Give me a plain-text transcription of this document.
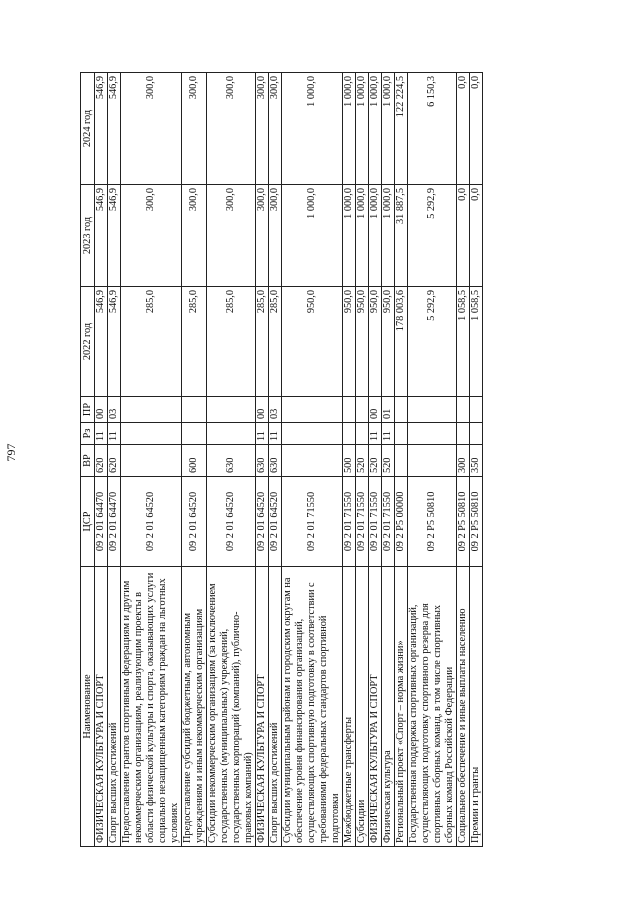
797
Наименование	ЦСР	ВР	Рз	ПР	2022 год	2023 год	2024 год
ФИЗИЧЕСКАЯ КУЛЬТУРА И СПОРТ	09 2 01 64470	620	11	00	546,9	546,9	546,9
Спорт высших достижений	09 2 01 64470	620	11	03	546,9	546,9	546,9
Предоставление грантов спортивным федерациям и другим некоммерческим организациям, реализующим проекты в области физической культуры и спорта, оказывающих услуги социально незащищенным категориям граждан на льготных условиях	09 2 01 64520				285,0	300,0	300,0
Предоставление субсидий бюджетным, автономным учреждениям и иным некоммерческим организациям	09 2 01 64520	600			285,0	300,0	300,0
Субсидии некоммерческим организациям (за исключением государственных (муниципальных) учреждений, государственных корпораций (компаний), публично-правовых компаний)	09 2 01 64520	630			285,0	300,0	300,0
ФИЗИЧЕСКАЯ КУЛЬТУРА И СПОРТ	09 2 01 64520	630	11	00	285,0	300,0	300,0
Спорт высших достижений	09 2 01 64520	630	11	03	285,0	300,0	300,0
Субсидии муниципальным районам и городским округам на обеспечение уровня финансирования организаций, осуществляющих спортивную подготовку в соответствии с требованиями федеральных стандартов спортивной подготовки	09 2 01 71550				950,0	1 000,0	1 000,0
Межбюджетные трансферты	09 2 01 71550	500			950,0	1 000,0	1 000,0
Субсидии	09 2 01 71550	520			950,0	1 000,0	1 000,0
ФИЗИЧЕСКАЯ КУЛЬТУРА И СПОРТ	09 2 01 71550	520	11	00	950,0	1 000,0	1 000,0
Физическая культура	09 2 01 71550	520	11	01	950,0	1 000,0	1 000,0
Региональный проект «Спорт – норма жизни»	09 2 P5 00000				178 003,6	31 887,5	122 224,5
Государственная поддержка спортивных организаций, осуществляющих подготовку спортивного резерва для спортивных сборных команд, в том числе спортивных сборных команд Российской Федерации	09 2 P5 50810				5 292,9	5 292,9	6 150,3
Социальное обеспечение и иные выплаты населению	09 2 P5 50810	300			1 058,5	0,0	0,0
Премии и гранты	09 2 P5 50810	350			1 058,5	0,0	0,0
